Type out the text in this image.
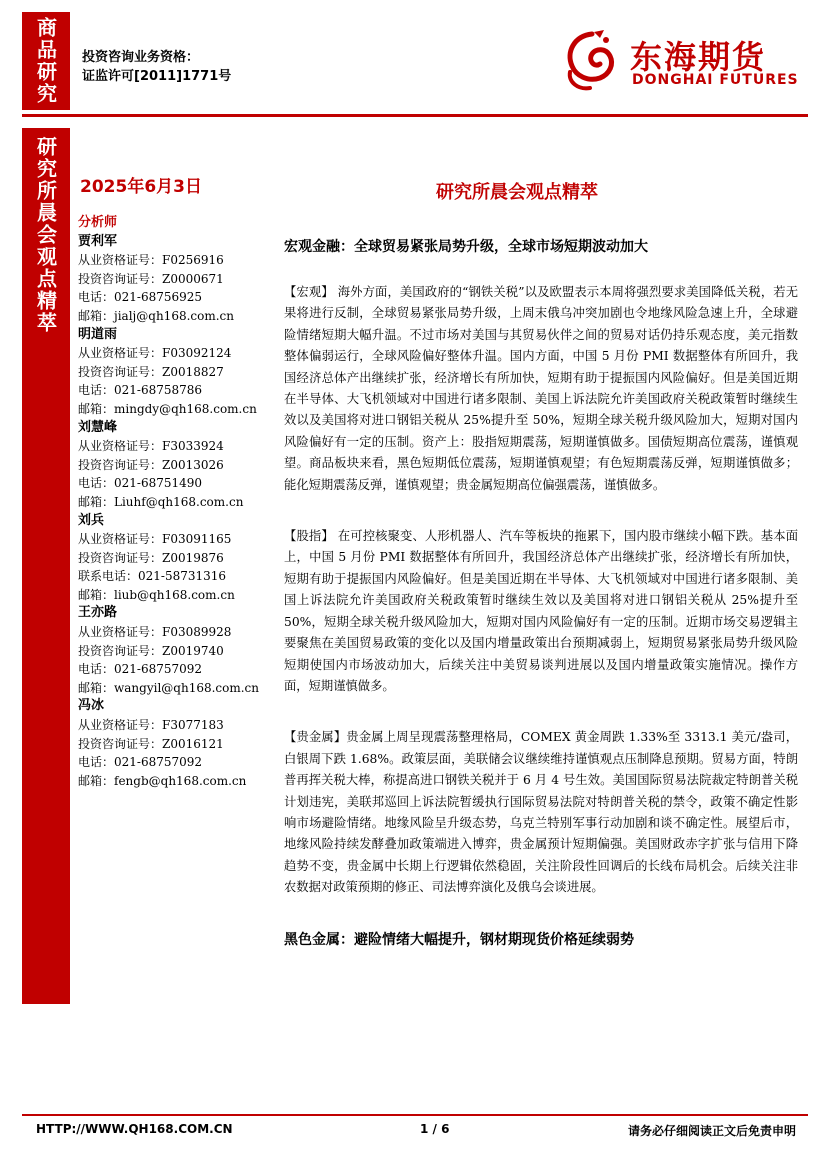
商品研究
研究所晨会观点精萃
投资咨询业务资格：
证监许可[2011]1771号
东海期货
DONGHAI FUTURES
2025年6月3日	研究所晨会观点精萃
分析师
贾利军
从业资格证号：F0256916
投资咨询证号：Z0000671
电话：021-68756925
邮箱：jialj@qh168.com.cn
明道雨
从业资格证号：F03092124
投资咨询证号：Z0018827
电话：021-68758786
邮箱：mingdy@qh168.com.cn
刘慧峰
从业资格证号：F3033924
投资咨询证号：Z0013026
电话：021-68751490
邮箱：Liuhf@qh168.com.cn
刘兵
从业资格证号：F03091165
投资咨询证号：Z0019876
联系电话：021-58731316
邮箱：liub@qh168.com.cn
王亦路
从业资格证号：F03089928
投资咨询证号：Z0019740
电话：021-68757092
邮箱：wangyil@qh168.com.cn
冯冰
从业资格证号：F3077183
投资咨询证号：Z0016121
电话：021-68757092
邮箱：fengb@qh168.com.cn
宏观金融：全球贸易紧张局势升级，全球市场短期波动加大
【宏观】 海外方面，美国政府的“钢铁关税”以及欧盟表示本周将强烈要求美国降低关税，若无果将进行反制，全球贸易紧张局势升级，上周末俄乌冲突加剧也令地缘风险急速上升，全球避险情绪短期大幅升温。不过市场对美国与其贸易伙伴之间的贸易对话仍持乐观态度，美元指数整体偏弱运行，全球风险偏好整体升温。国内方面，中国 5 月份 PMI 数据整体有所回升，我国经济总体产出继续扩张，经济增长有所加快，短期有助于提振国内风险偏好。但是美国近期在半导体、大飞机领域对中国进行诸多限制、美国上诉法院允许美国政府关税政策暂时继续生效以及美国将对进口钢铝关税从 25%提升至 50%，短期全球关税升级风险加大，短期对国内风险偏好有一定的压制。资产上：股指短期震荡，短期谨慎做多。国债短期高位震荡，谨慎观望。商品板块来看，黑色短期低位震荡，短期谨慎观望；有色短期震荡反弹，短期谨慎做多；能化短期震荡反弹，谨慎观望；贵金属短期高位偏强震荡，谨慎做多。
【股指】 在可控核聚变、人形机器人、汽车等板块的拖累下，国内股市继续小幅下跌。基本面上，中国 5 月份 PMI 数据整体有所回升，我国经济总体产出继续扩张，经济增长有所加快，短期有助于提振国内风险偏好。但是美国近期在半导体、大飞机领域对中国进行诸多限制、美国上诉法院允许美国政府关税政策暂时继续生效以及美国将对进口钢铝关税从 25%提升至 50%，短期全球关税升级风险加大，短期对国内风险偏好有一定的压制。近期市场交易逻辑主要聚焦在美国贸易政策的变化以及国内增量政策出台预期减弱上，短期贸易紧张局势升级风险短期使国内市场波动加大，后续关注中美贸易谈判进展以及国内增量政策实施情况。操作方面，短期谨慎做多。
【贵金属】贵金属上周呈现震荡整理格局，COMEX 黄金周跌 1.33%至 3313.1 美元/盎司，白银周下跌 1.68%。政策层面，美联储会议继续维持谨慎观点压制降息预期。贸易方面，特朗普再挥关税大棒，称提高进口钢铁关税并于 6 月 4 号生效。美国国际贸易法院裁定特朗普关税计划违宪，美联邦巡回上诉法院暂缓执行国际贸易法院对特朗普关税的禁令，政策不确定性影响市场避险情绪。地缘风险呈升级态势，乌克兰特别军事行动加剧和谈不确定性。展望后市，地缘风险持续发酵叠加政策端进入博弈，贵金属预计短期偏强。美国财政赤字扩张与信用下降趋势不变，贵金属中长期上行逻辑依然稳固，关注阶段性回调后的长线布局机会。后续关注非农数据对政策预期的修正、司法博弈演化及俄乌会谈进展。
黑色金属：避险情绪大幅提升，钢材期现货价格延续弱势
HTTP://WWW.QH168.COM.CN	1 / 6	请务必仔细阅读正文后免责申明
